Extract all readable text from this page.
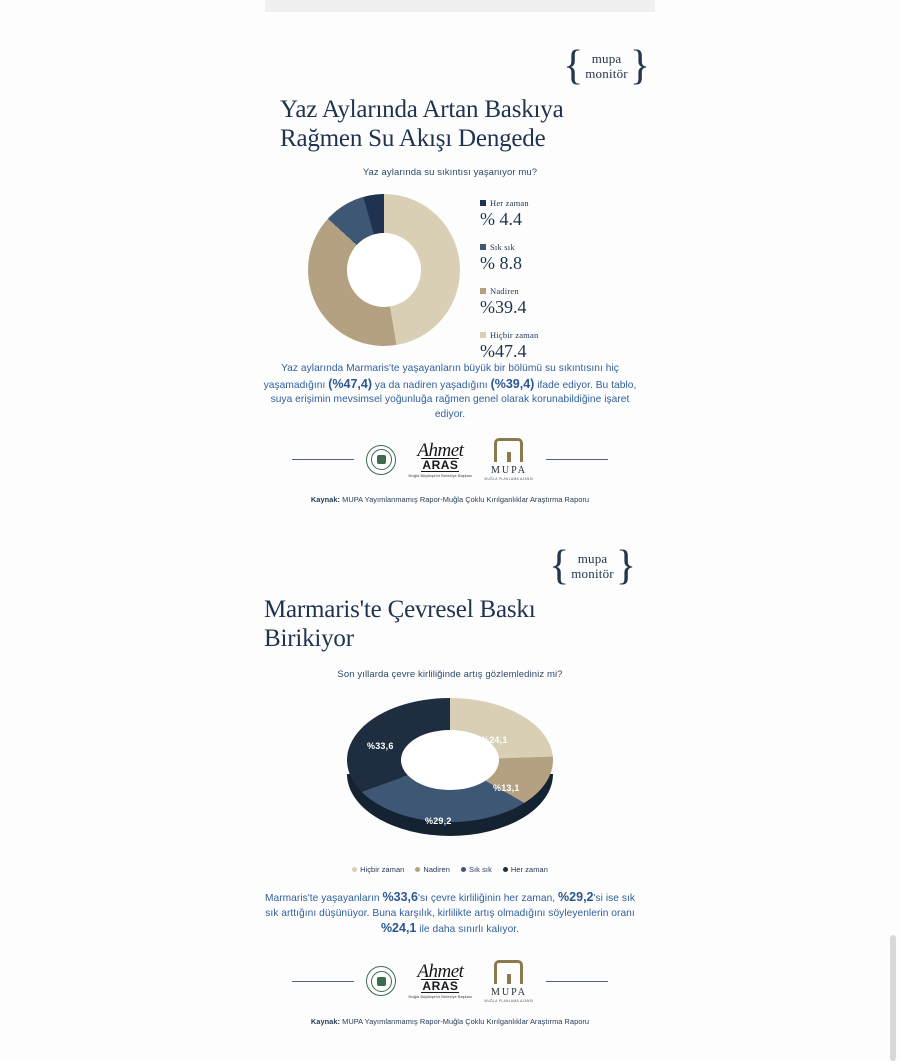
{ mupa
monitör }
Yaz Aylarında Artan Baskıya
Rağmen Su Akışı Dengede
Yaz aylarında su sıkıntısı yaşanıyor mu?
Her zaman
% 4.4
Sık sık
% 8.8
Nadiren
%39.4
Hiçbir zaman
%47.4
Yaz aylarında Marmaris'te yaşayanların büyük bir bölümü su sıkıntısını hiç yaşamadığını (%47,4) ya da nadiren yaşadığını (%39,4) ifade ediyor. Bu tablo, suya erişimin mevsimsel yoğunluğa rağmen genel olarak korunabildiğine işaret ediyor.
Ahmet
ARAS
Muğla Büyükşehir Belediye Başkanı MUPA
MUĞLA PLANLAMA AJANSI
Kaynak: MUPA Yayımlanmamış Rapor-Muğla Çoklu Kırılganlıklar Araştırma Raporu
{ mupa
monitör }
Marmaris'te Çevresel Baskı
Birikiyor
Son yıllarda çevre kirliliğinde artış gözlemlediniz mi?
%24,1
%13,1
%29,2
%33,6
Hiçbir zaman	Nadiren	Sık sık	Her zaman
Marmaris'te yaşayanların %33,6'sı çevre kirliliğinin her zaman, %29,2'si ise sık sık arttığını düşünüyor. Buna karşılık, kirlilikte artış olmadığını söyleyenlerin oranı %24,1 ile daha sınırlı kalıyor.
Ahmet
ARAS
Muğla Büyükşehir Belediye Başkanı MUPA
MUĞLA PLANLAMA AJANSI
Kaynak: MUPA Yayımlanmamış Rapor-Muğla Çoklu Kırılganlıklar Araştırma Raporu
